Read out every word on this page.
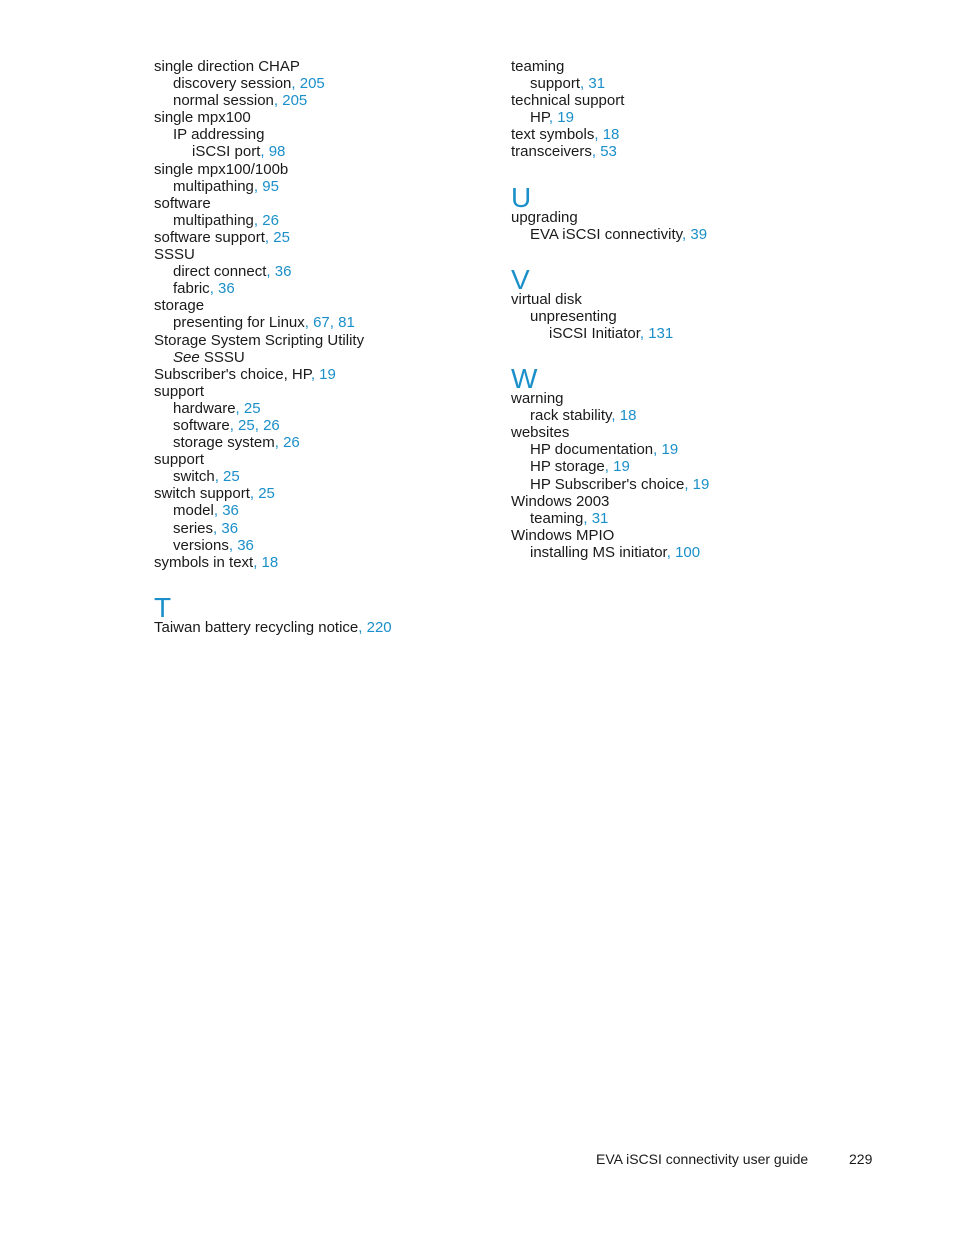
single direction CHAP
discovery session, 205
normal session, 205
single mpx100
IP addressing
iSCSI port, 98
single mpx100/100b
multipathing, 95
software
multipathing, 26
software support, 25
SSSU
direct connect, 36
fabric, 36
storage
presenting for Linux, 67, 81
Storage System Scripting Utility
See SSSU
Subscriber's choice, HP, 19
support
hardware, 25
software, 25, 26
storage system, 26
support
switch, 25
switch support, 25
model, 36
series, 36
versions, 36
symbols in text, 18
T
Taiwan battery recycling notice, 220
teaming
support, 31
technical support
HP, 19
text symbols, 18
transceivers, 53
U
upgrading
EVA iSCSI connectivity, 39
V
virtual disk
unpresenting
iSCSI Initiator, 131
W
warning
rack stability, 18
websites
HP documentation, 19
HP storage, 19
HP Subscriber's choice, 19
Windows 2003
teaming, 31
Windows MPIO
installing MS initiator, 100
EVA iSCSI connectivity user guide	229
